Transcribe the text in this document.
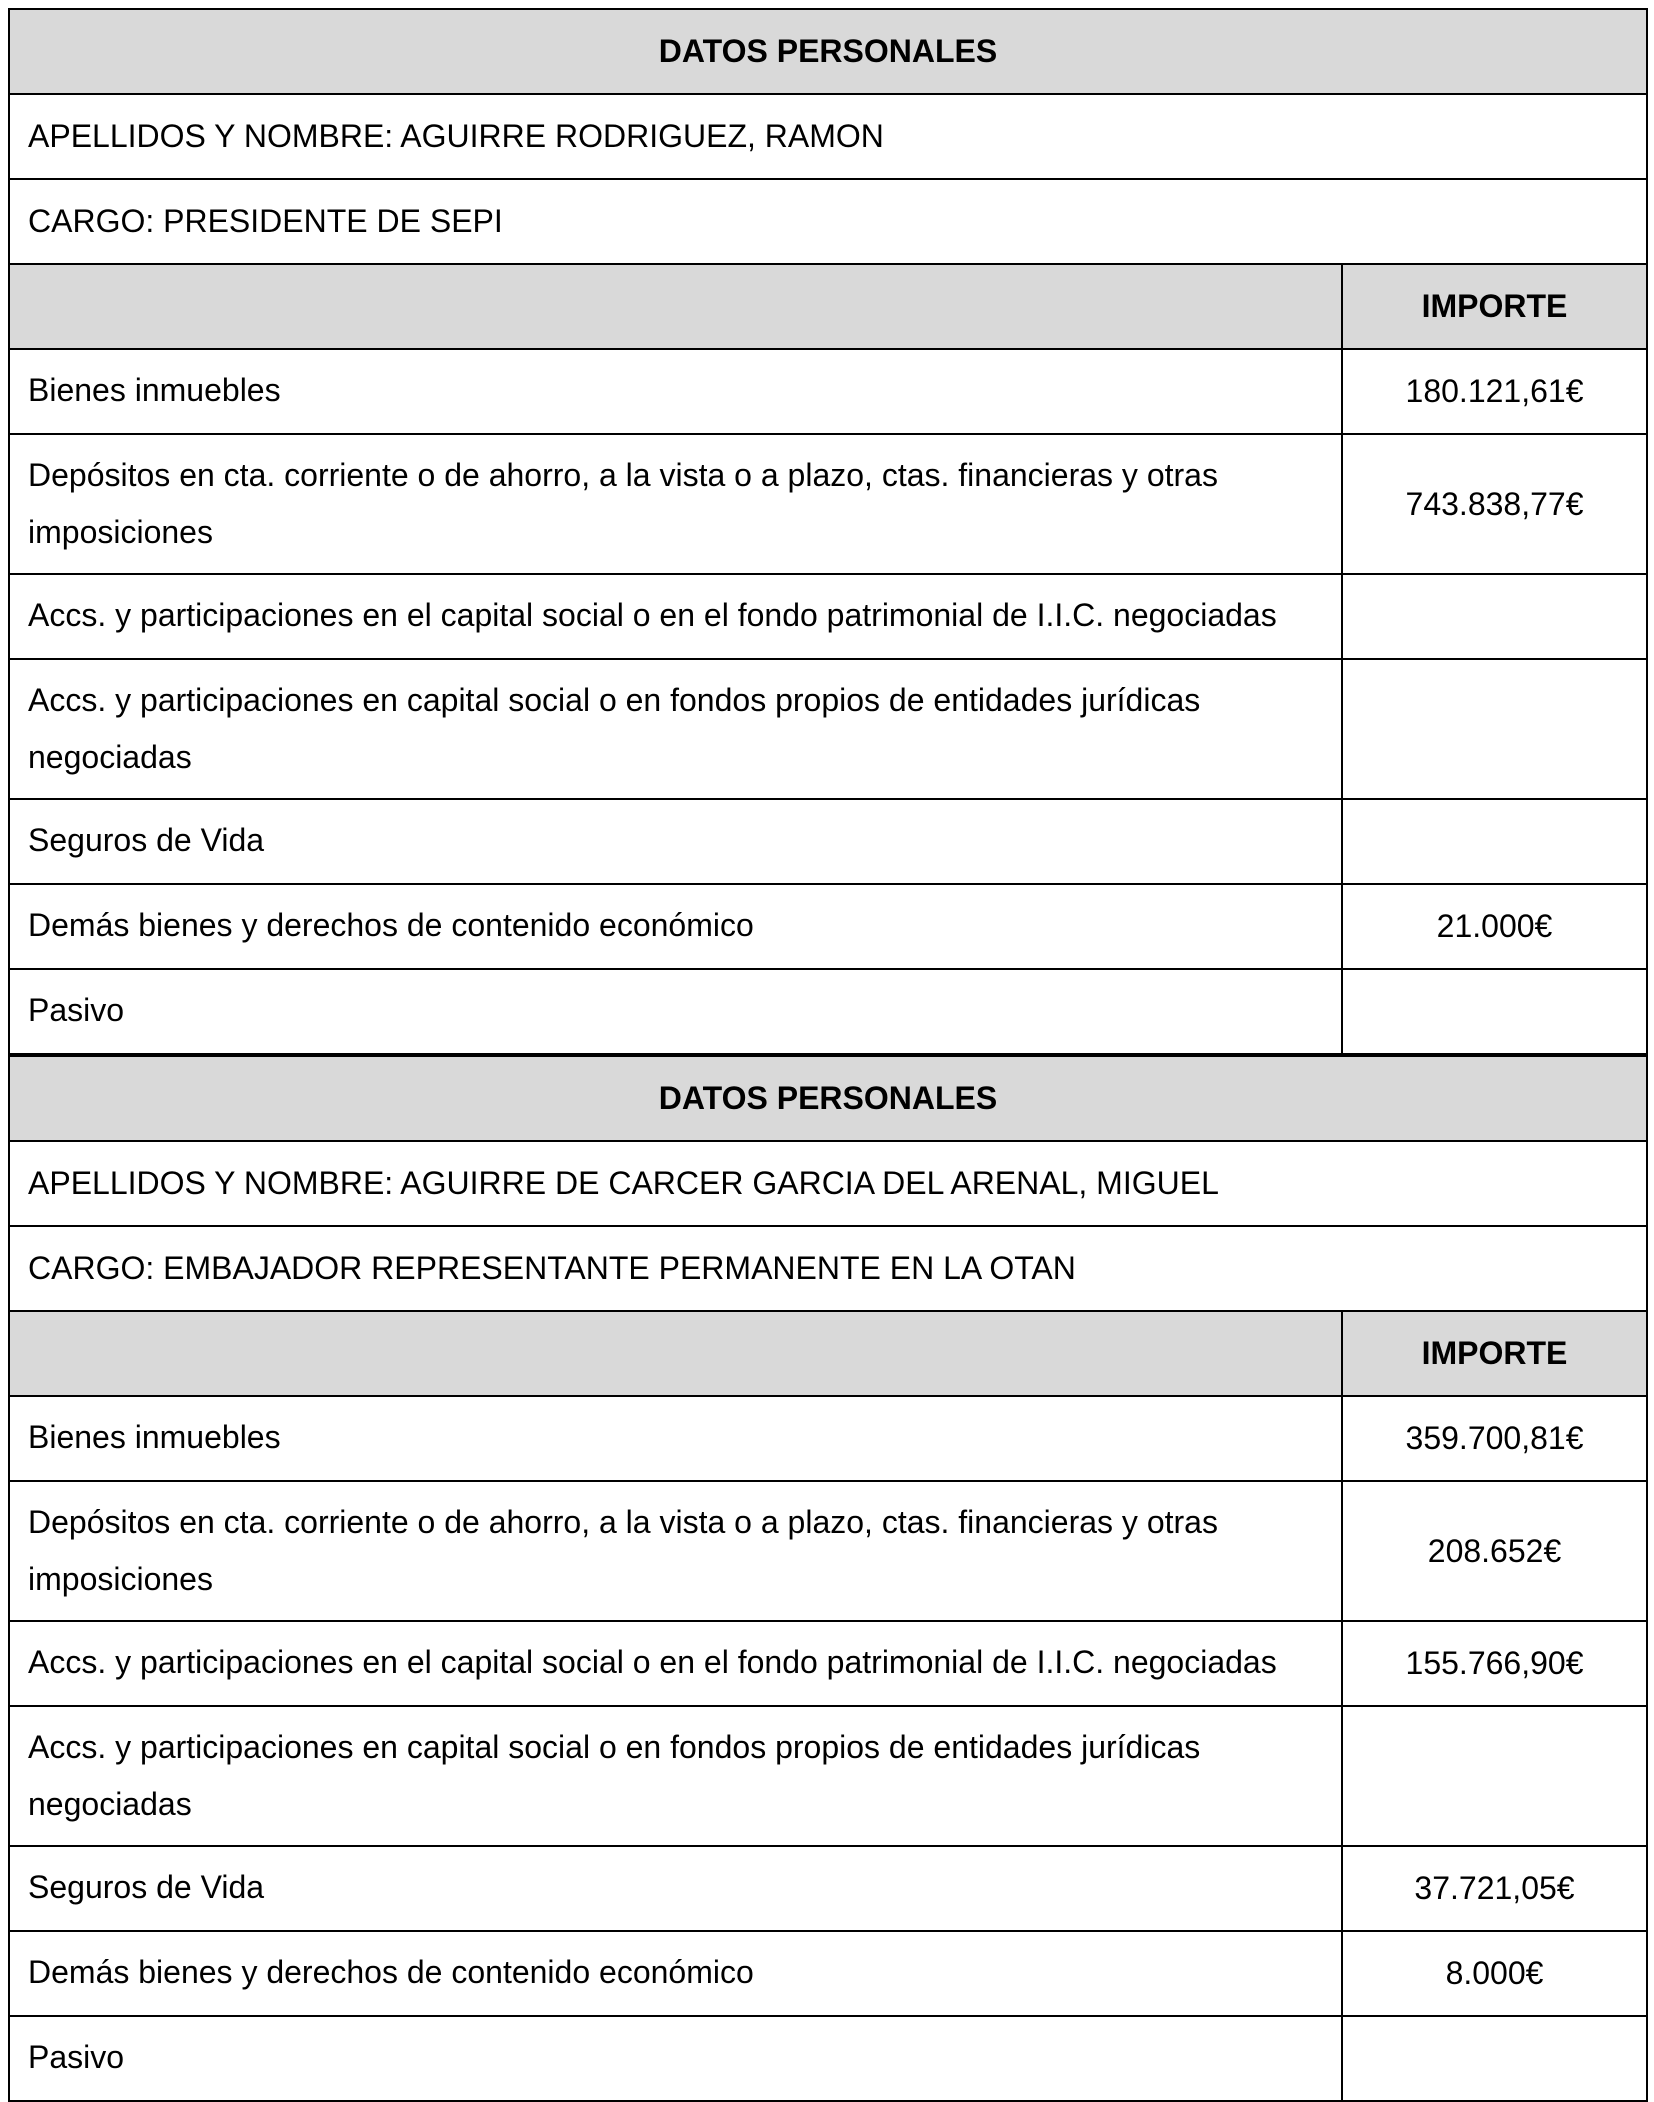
DATOS PERSONALES	
APELLIDOS Y NOMBRE: AGUIRRE RODRIGUEZ, RAMON	
CARGO: PRESIDENTE DE SEPI	
	IMPORTE
Bienes inmuebles	180.121,61€
Depósitos en cta. corriente o de ahorro, a la vista o a plazo, ctas. financieras y otras imposiciones	743.838,77€
Accs. y participaciones en el capital social o en el fondo patrimonial de I.I.C. negociadas	
Accs. y participaciones en capital social o en fondos propios de entidades jurídicas negociadas	
Seguros de Vida	
Demás bienes y derechos de contenido económico	21.000€
Pasivo	
DATOS PERSONALES	
APELLIDOS Y NOMBRE: AGUIRRE DE CARCER GARCIA DEL ARENAL, MIGUEL	
CARGO: EMBAJADOR REPRESENTANTE PERMANENTE EN LA OTAN	
	IMPORTE
Bienes inmuebles	359.700,81€
Depósitos en cta. corriente o de ahorro, a la vista o a plazo, ctas. financieras y otras imposiciones	208.652€
Accs. y participaciones en el capital social o en el fondo patrimonial de I.I.C. negociadas	155.766,90€
Accs. y participaciones en capital social o en fondos propios de entidades jurídicas negociadas	
Seguros de Vida	37.721,05€
Demás bienes y derechos de contenido económico	8.000€
Pasivo	
